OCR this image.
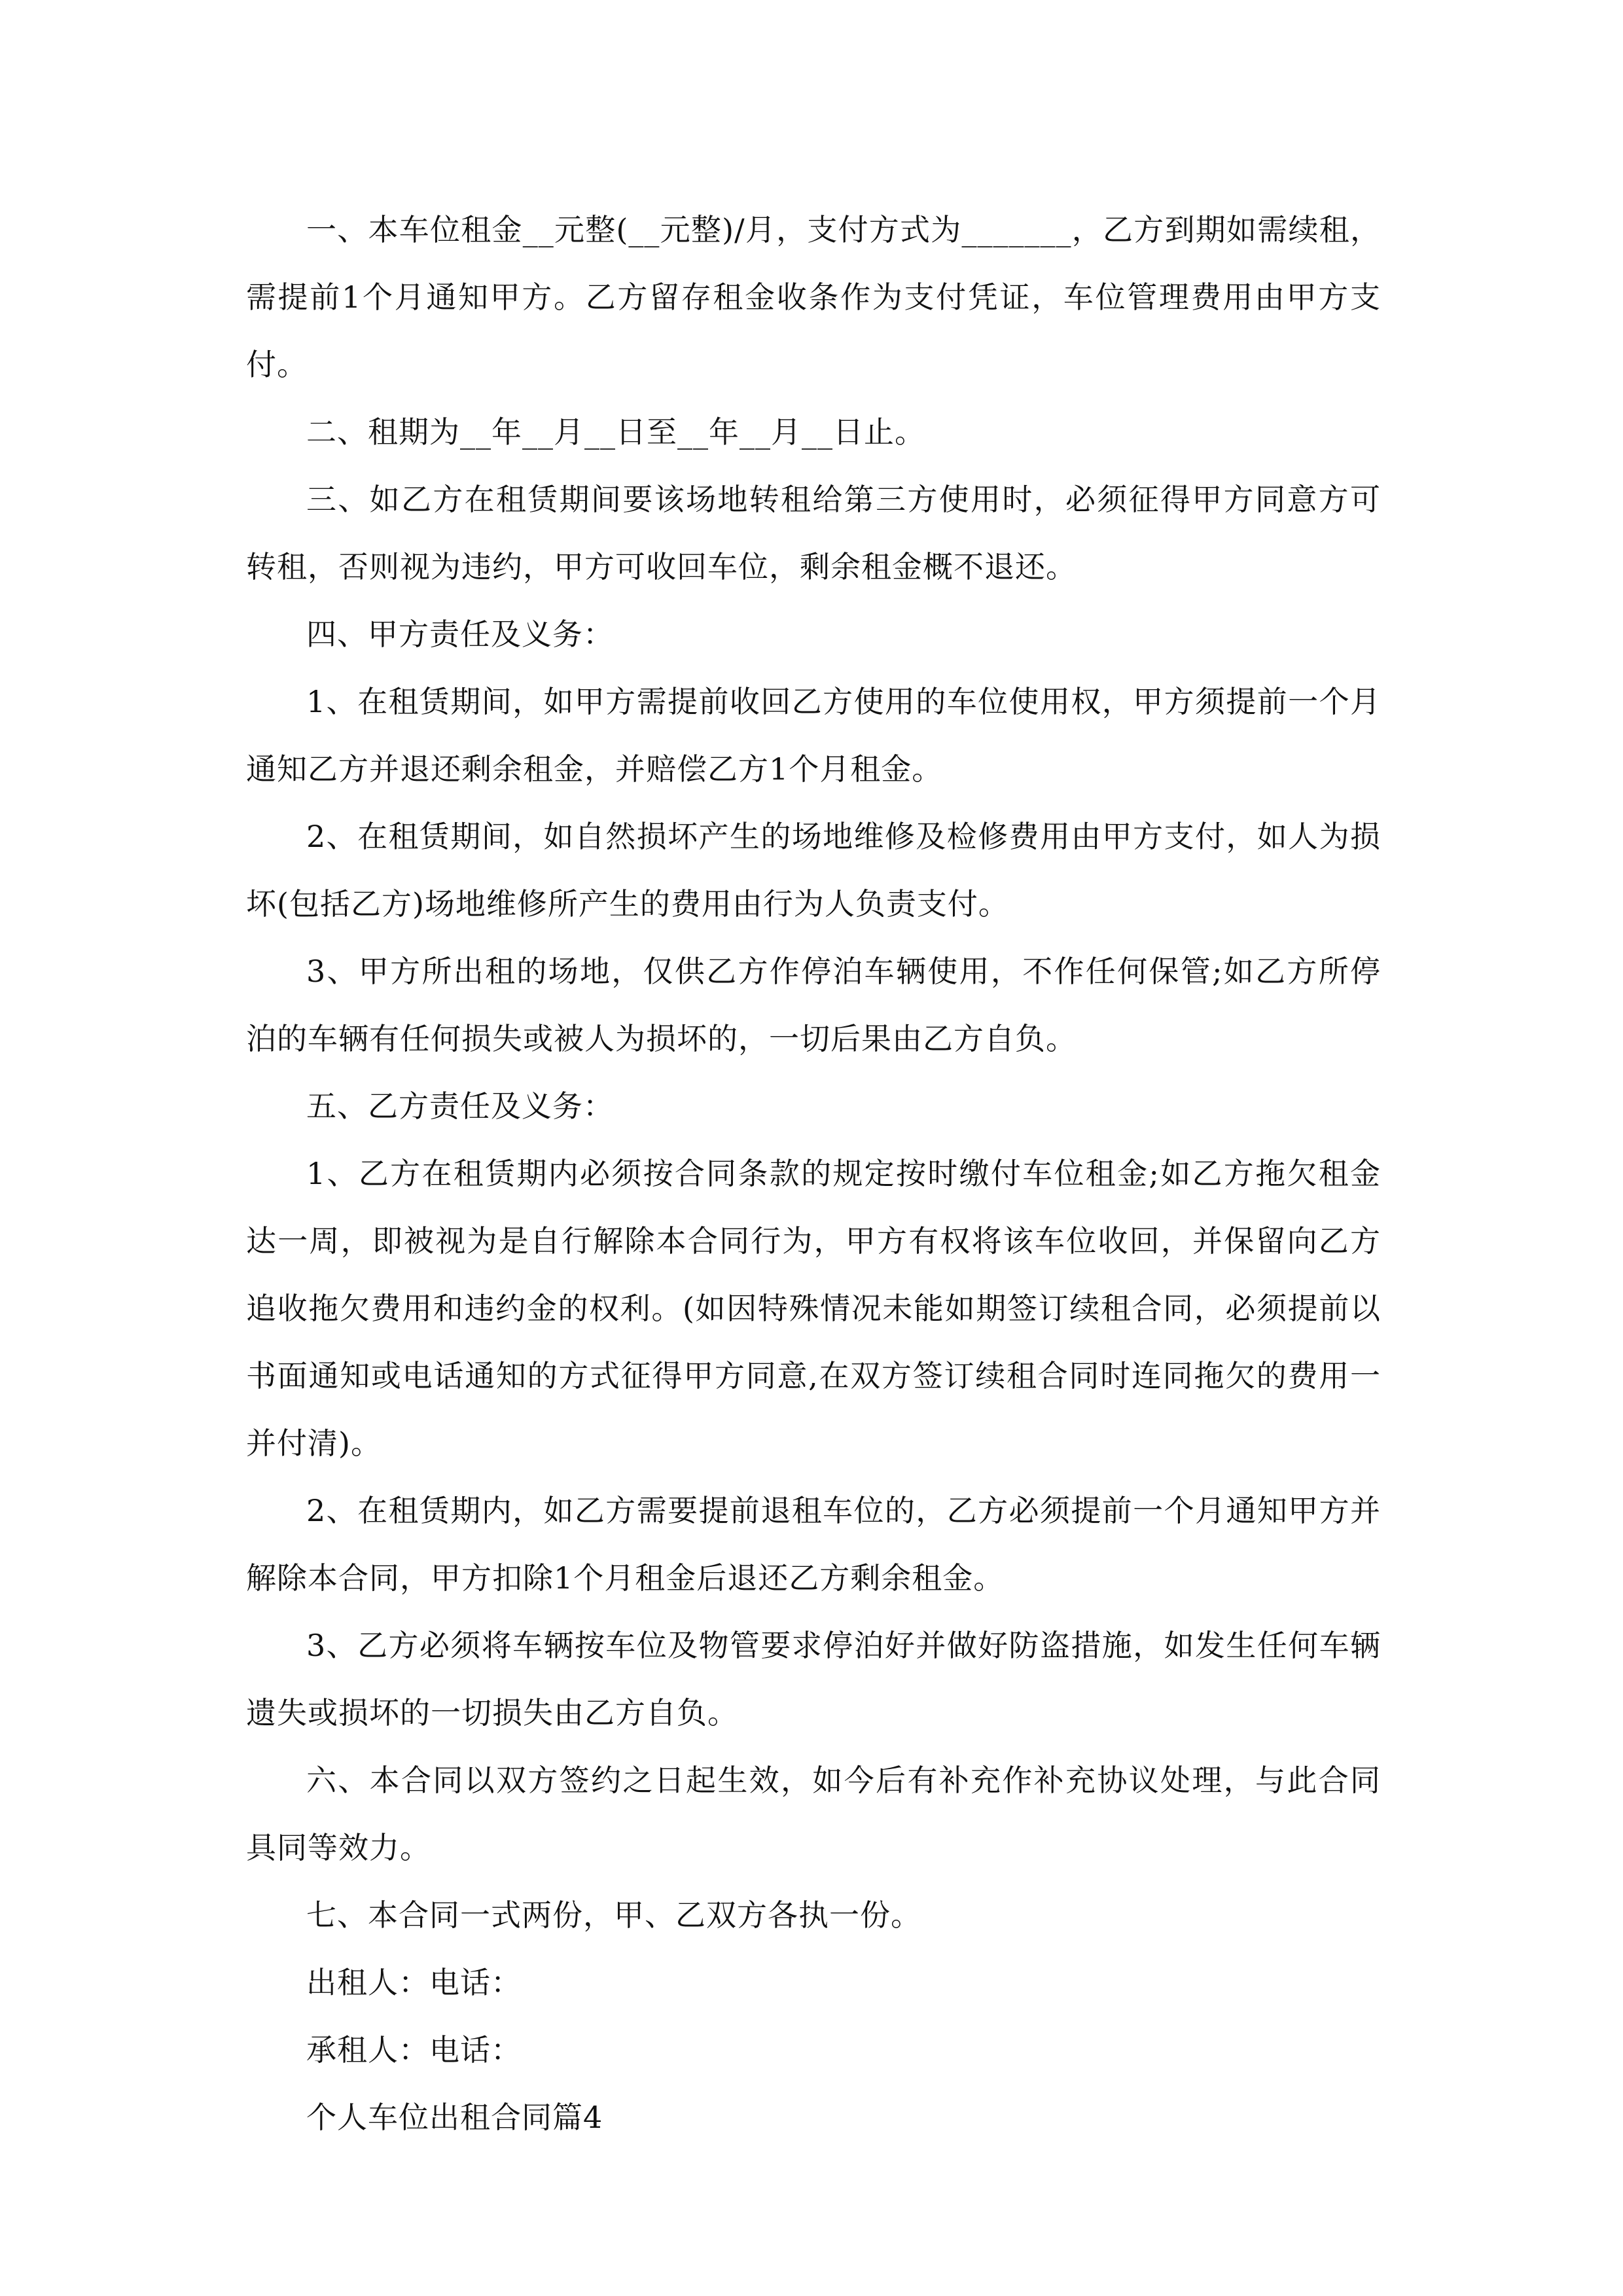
一、本车位租金__元整(__元整)/月，支付方式为_______，乙方到期如需续租，需提前1个月通知甲方。乙方留存租金收条作为支付凭证，车位管理费用由甲方支付。

二、租期为__年__月__日至__年__月__日止。

三、如乙方在租赁期间要该场地转租给第三方使用时，必须征得甲方同意方可转租，否则视为违约，甲方可收回车位，剩余租金概不退还。

四、甲方责任及义务：

1、在租赁期间，如甲方需提前收回乙方使用的车位使用权，甲方须提前一个月通知乙方并退还剩余租金，并赔偿乙方1个月租金。

2、在租赁期间，如自然损坏产生的场地维修及检修费用由甲方支付，如人为损坏(包括乙方)场地维修所产生的费用由行为人负责支付。

3、甲方所出租的场地，仅供乙方作停泊车辆使用，不作任何保管;如乙方所停泊的车辆有任何损失或被人为损坏的，一切后果由乙方自负。

五、乙方责任及义务：

1、乙方在租赁期内必须按合同条款的规定按时缴付车位租金;如乙方拖欠租金达一周，即被视为是自行解除本合同行为，甲方有权将该车位收回，并保留向乙方追收拖欠费用和违约金的权利。(如因特殊情况未能如期签订续租合同，必须提前以书面通知或电话通知的方式征得甲方同意,在双方签订续租合同时连同拖欠的费用一并付清)。

2、在租赁期内，如乙方需要提前退租车位的，乙方必须提前一个月通知甲方并解除本合同，甲方扣除1个月租金后退还乙方剩余租金。

3、乙方必须将车辆按车位及物管要求停泊好并做好防盗措施，如发生任何车辆遗失或损坏的一切损失由乙方自负。

六、本合同以双方签约之日起生效，如今后有补充作补充协议处理，与此合同具同等效力。

七、本合同一式两份，甲、乙双方各执一份。

出租人：电话：

承租人：电话：

个人车位出租合同篇4
